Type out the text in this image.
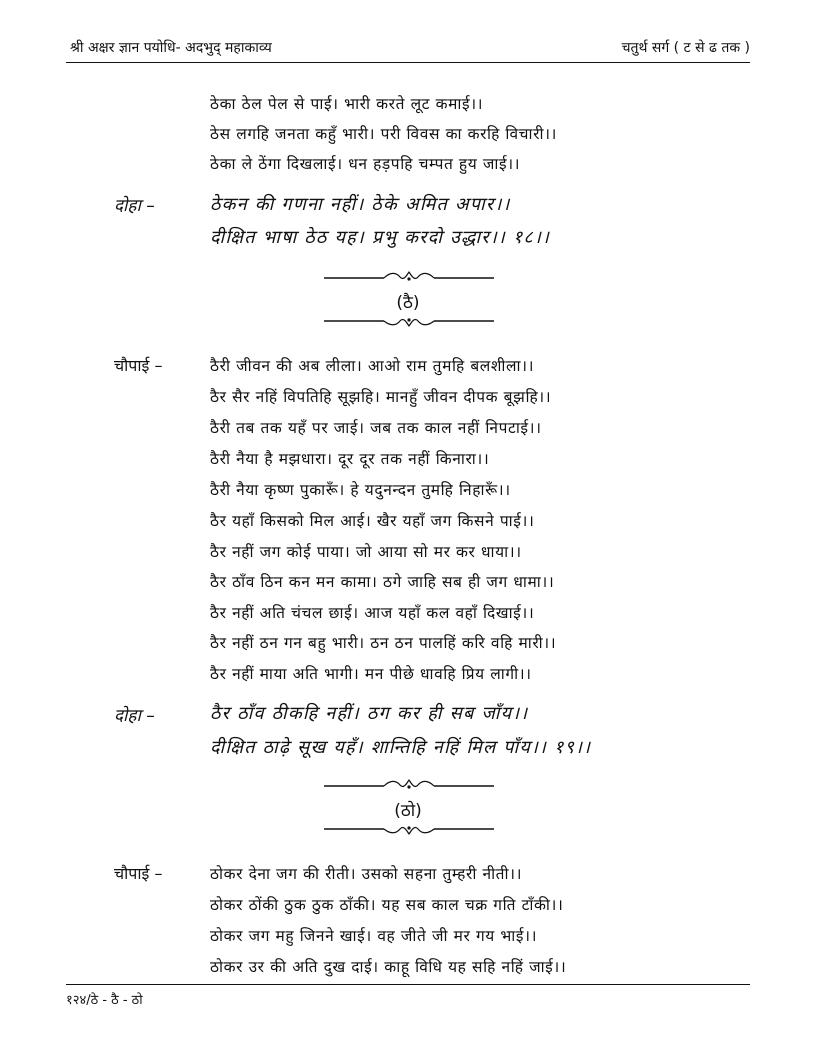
श्री अक्षर ज्ञान पयोधि- अदभुद् महाकाव्य	चतुर्थ सर्ग ( ट से ढ तक )
ठेका ठेल पेल से पाई। भारी करते लूट कमाई।।
ठेस लगहि जनता कहुँ भारी। परी विवस का करहि विचारी।।
ठेका ले ठेंगा दिखलाई। धन हड़पहि चम्पत हुय जाई।।
दोहा –	ठेकन की गणना नहीं। ठेके अमित अपार।।
दीक्षित भाषा ठेठ यह। प्रभु करदो उद्धार।। १८।।
(ठै)
चौपाई –	ठैरी जीवन की अब लीला। आओ राम तुमहि बलशीला।।
ठैर सैर नहिं विपतिहि सूझहि। मानहुँ जीवन दीपक बूझहि।।
ठैरी तब तक यहँ पर जाई। जब तक काल नहीं निपटाई।।
ठैरी नैया है मझधारा। दूर दूर तक नहीं किनारा।।
ठैरी नैया कृष्ण पुकारूँ। हे यदुनन्दन तुमहि निहारूँ।।
ठैर यहाँ किसको मिल आई। खैर यहाँ जग किसने पाई।।
ठैर नहीं जग कोई पाया। जो आया सो मर कर धाया।।
ठैर ठाँव ठिन कन मन कामा। ठगे जाहि सब ही जग धामा।।
ठैर नहीं अति चंचल छाई। आज यहाँ कल वहाँ दिखाई।।
ठैर नहीं ठन गन बहु भारी। ठन ठन पालहिं करि वहि मारी।।
ठैर नहीं माया अति भागी। मन पीछे धावहि प्रिय लागी।।
दोहा –	ठैर ठाँव ठीकहि नहीं। ठग कर ही सब जाँय।।
दीक्षित ठाढ़े सूख यहँ। शान्तिहि नहिं मिल पाँय।। १९।।
(ठो)
चौपाई –	ठोकर देना जग की रीती। उसको सहना तुम्हरी नीती।।
ठोकर ठोंकी ठुक ठुक ठाँकी। यह सब काल चक्र गति टाँकी।।
ठोकर जग महु जिनने खाई। वह जीते जी मर गय भाई।।
ठोकर उर की अति दुख दाई। काहू विधि यह सहि नहिं जाई।।
१२४/ठे - ठै - ठो
